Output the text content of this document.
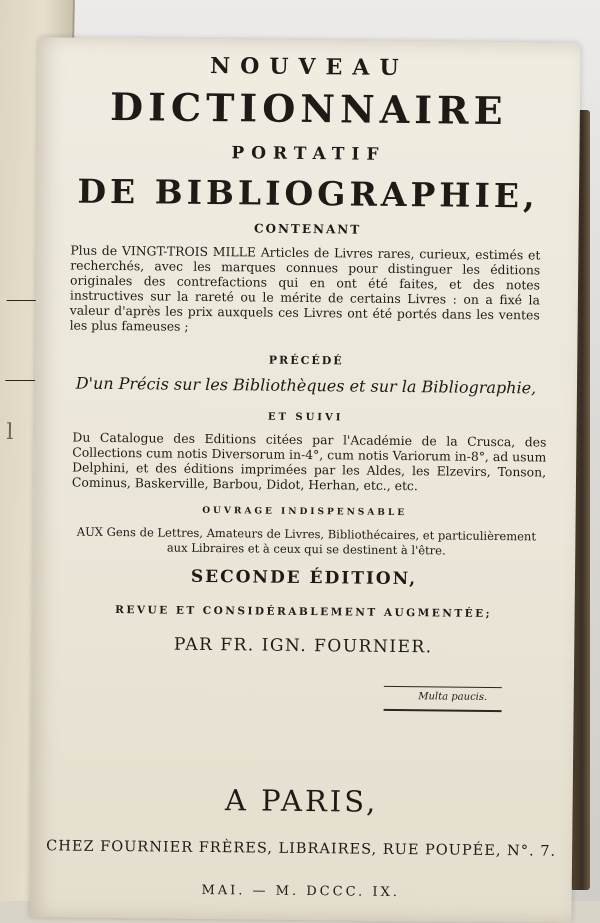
l
NOUVEAU
DICTIONNAIRE
PORTATIF
DE BIBLIOGRAPHIE,
CONTENANT
Plus de VINGT-TROIS MILLE Articles de Livres rares, curieux, estimés et recherchés, avec les marques connues pour distinguer les éditions originales des contrefactions qui en ont été faites, et des notes instructives sur la rareté ou le mérite de certains Livres : on a fixé la valeur d'après les prix auxquels ces Livres ont été portés dans les ventes les plus fameuses ;
PRÉCÉDÉ
D'un Précis sur les Bibliothèques et sur la Bibliographie,
ET SUIVI
Du Catalogue des Editions citées par l'Académie de la Crusca, des Collections cum notis Diversorum in-4°, cum notis Variorum in-8°, ad usum Delphini, et des éditions imprimées par les Aldes, les Elzevirs, Tonson, Cominus, Baskerville, Barbou, Didot, Herhan, etc., etc.
OUVRAGE INDISPENSABLE
AUX Gens de Lettres, Amateurs de Livres, Bibliothécaires, et particulièrement aux Libraires et à ceux qui se destinent à l'être.
SECONDE ÉDITION,
REVUE ET CONSIDÉRABLEMENT AUGMENTÉE;
PAR FR. IGN. FOURNIER.
Multa paucis.
A PARIS,
CHEZ FOURNIER FRÈRES, LIBRAIRES, RUE POUPÉE, N°. 7.
MAI. — M. DCCC. IX.
